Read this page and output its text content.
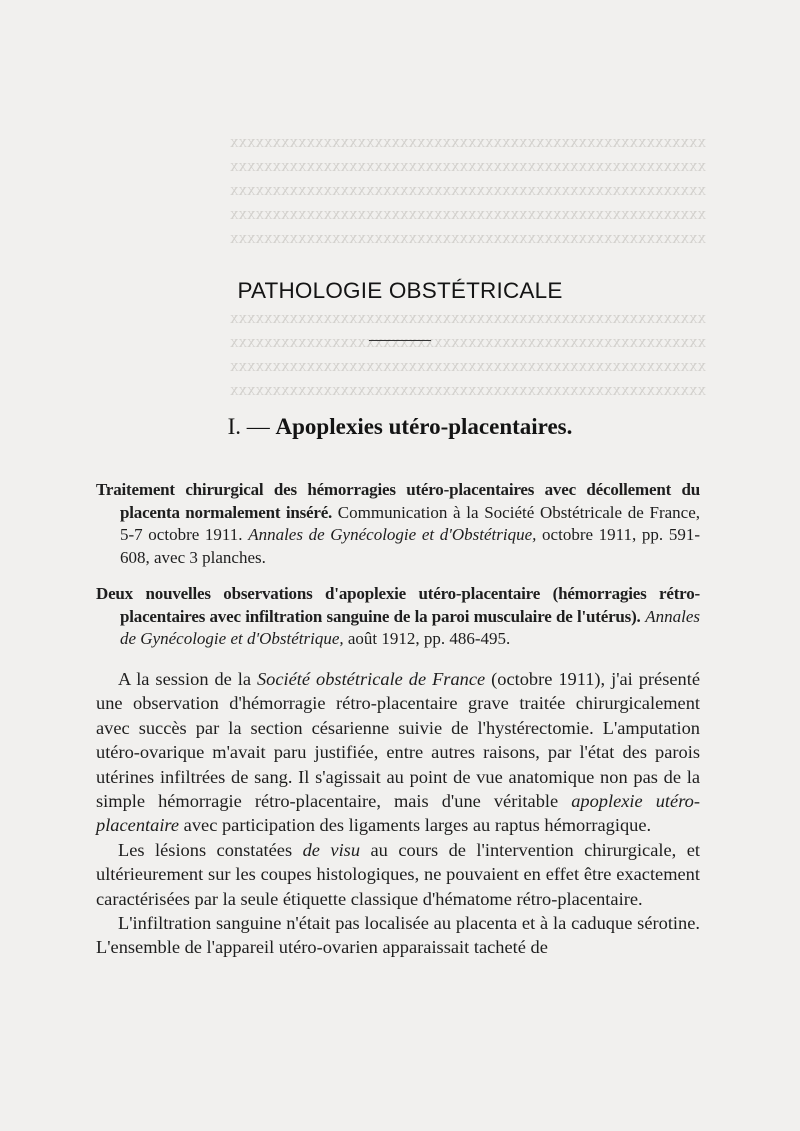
xxxxxxxxxxxxxxxxxxxxxxxxxxxxxxxxxxxxxxxxxxxxxxxxxxxxxxxx
xxxxxxxxxxxxxxxxxxxxxxxxxxxxxxxxxxxxxxxxxxxxxxxxxxxxxxxx
xxxxxxxxxxxxxxxxxxxxxxxxxxxxxxxxxxxxxxxxxxxxxxxxxxxxxxxx
xxxxxxxxxxxxxxxxxxxxxxxxxxxxxxxxxxxxxxxxxxxxxxxxxxxxxxxx
xxxxxxxxxxxxxxxxxxxxxxxxxxxxxxxxxxxxxxxxxxxxxxxxxxxxxxxx
xxxxxxxxxxxxxxxxxxxxxxxxxxxxxxxxxxxxxxxxxxxxxxxxxxxxxxxx
xxxxxxxxxxxxxxxxxxxxxxxxxxxxxxxxxxxxxxxxxxxxxxxxxxxxxxxx
xxxxxxxxxxxxxxxxxxxxxxxxxxxxxxxxxxxxxxxxxxxxxxxxxxxxxxxx
xxxxxxxxxxxxxxxxxxxxxxxxxxxxxxxxxxxxxxxxxxxxxxxxxxxxxxxx
PATHOLOGIE OBSTÉTRICALE
I. — Apoplexies utéro-placentaires.

Traitement chirurgical des hémorragies utéro-placentaires avec décollement du placenta normalement inséré. Communication à la Société Obstétricale de France, 5-7 octobre 1911. Annales de Gynécologie et d'Obstétrique, octobre 1911, pp. 591-608, avec 3 planches.

Deux nouvelles observations d'apoplexie utéro-placentaire (hémorragies rétro-placentaires avec infiltration sanguine de la paroi musculaire de l'utérus). Annales de Gynécologie et d'Obstétrique, août 1912, pp. 486-495.

A la session de la Société obstétricale de France (octobre 1911), j'ai présenté une observation d'hémorragie rétro-placentaire grave traitée chirurgicalement avec succès par la section césarienne suivie de l'hystérectomie. L'amputation utéro-ovarique m'avait paru justifiée, entre autres raisons, par l'état des parois utérines infiltrées de sang. Il s'agissait au point de vue anatomique non pas de la simple hémorragie rétro-placentaire, mais d'une véritable apoplexie utéro-placentaire avec participation des ligaments larges au raptus hémorragique.

Les lésions constatées de visu au cours de l'intervention chirurgicale, et ultérieurement sur les coupes histologiques, ne pouvaient en effet être exactement caractérisées par la seule étiquette classique d'hématome rétro-placentaire.

L'infiltration sanguine n'était pas localisée au placenta et à la caduque sérotine. L'ensemble de l'appareil utéro-ovarien apparaissait tacheté de
